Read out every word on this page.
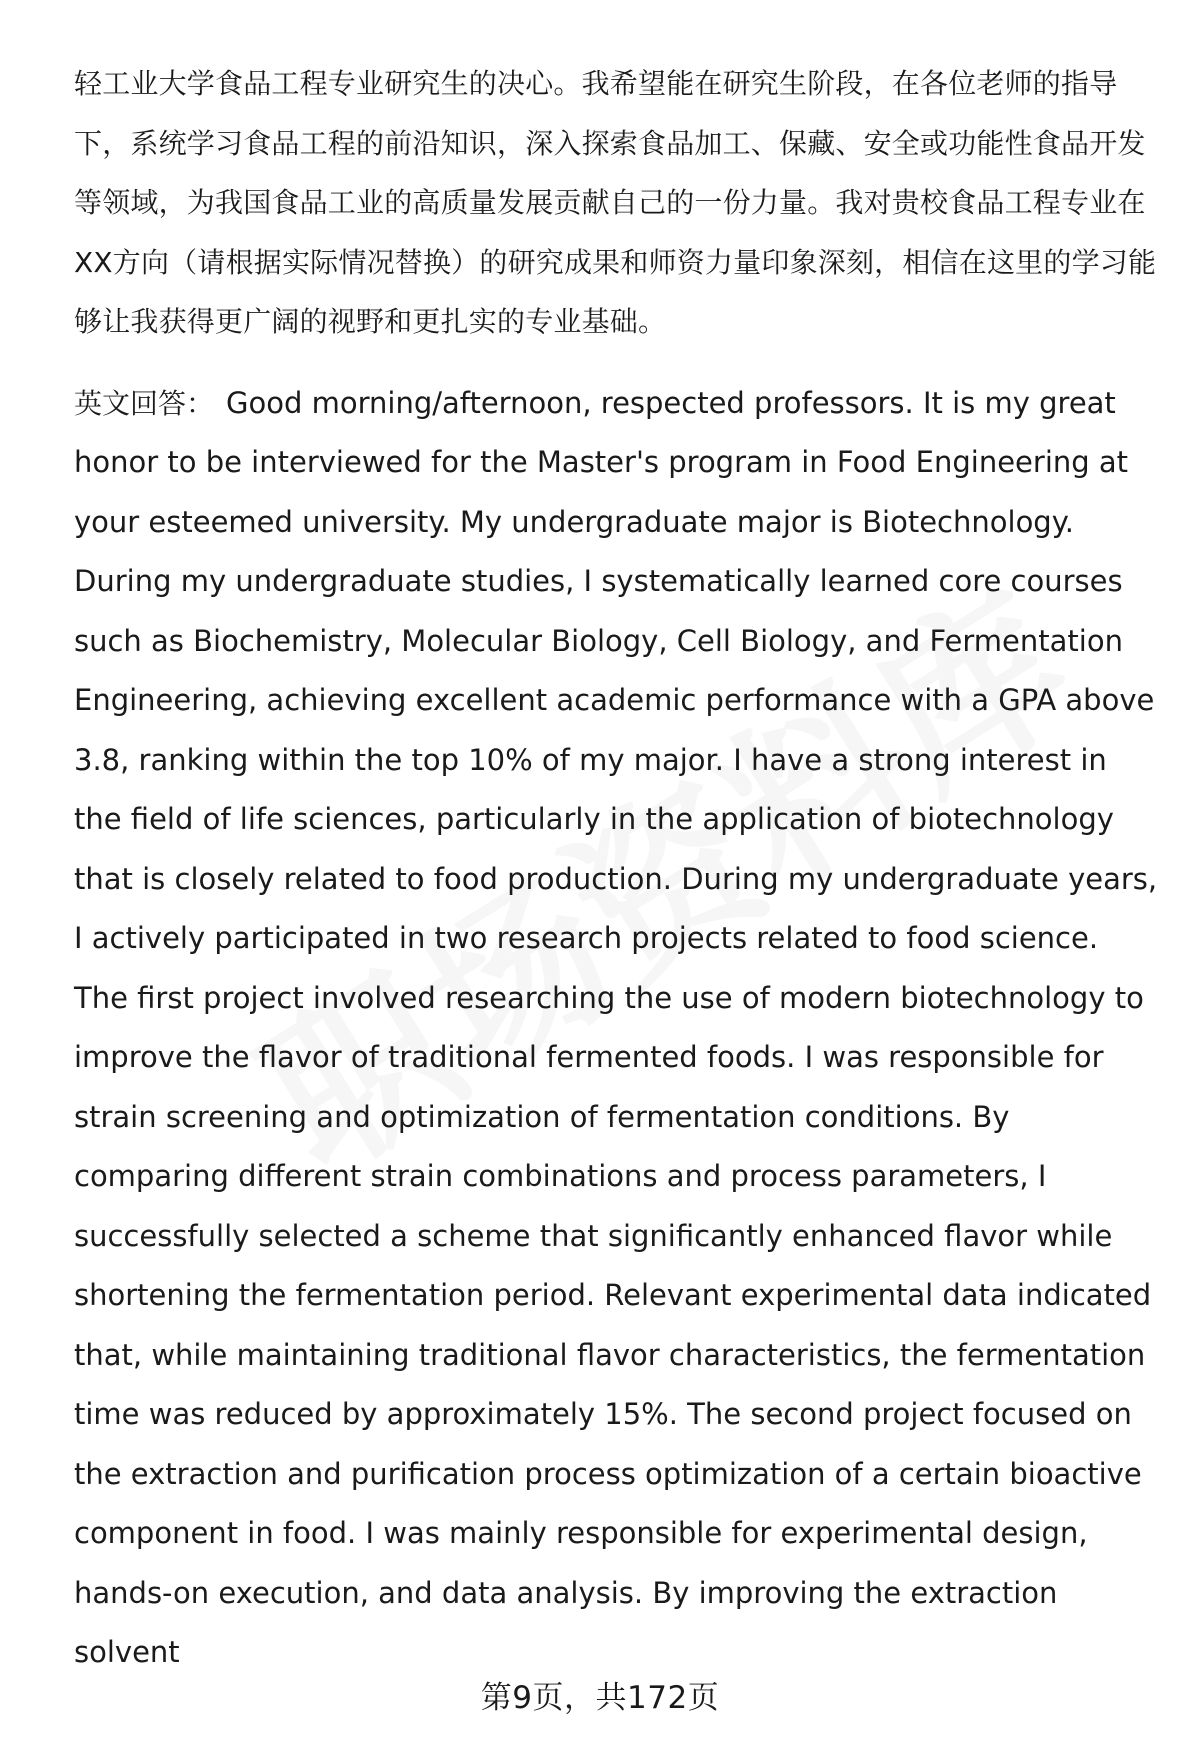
轻工业大学食品工程专业研究生的决心。我希望能在研究生阶段，在各位老师的指导下，系统学习食品工程的前沿知识，深入探索食品加工、保藏、安全或功能性食品开发等领域，为我国食品工业的高质量发展贡献自己的一份力量。我对贵校食品工程专业在XX方向（请根据实际情况替换）的研究成果和师资力量印象深刻，相信在这里的学习能够让我获得更广阔的视野和更扎实的专业基础。

英文回答： Good morning/afternoon, respected professors. It is my great honor to be interviewed for the Master's program in Food Engineering at your esteemed university. My undergraduate major is Biotechnology. During my undergraduate studies, I systematically learned core courses such as Biochemistry, Molecular Biology, Cell Biology, and Fermentation Engineering, achieving excellent academic performance with a GPA above 3.8, ranking within the top 10% of my major. I have a strong interest in the field of life sciences, particularly in the application of biotechnology that is closely related to food production. During my undergraduate years, I actively participated in two research projects related to food science. The first project involved researching the use of modern biotechnology to improve the flavor of traditional fermented foods. I was responsible for strain screening and optimization of fermentation conditions. By comparing different strain combinations and process parameters, I successfully selected a scheme that significantly enhanced flavor while shortening the fermentation period. Relevant experimental data indicated that, while maintaining traditional flavor characteristics, the fermentation time was reduced by approximately 15%. The second project focused on the extraction and purification process optimization of a certain bioactive component in food. I was mainly responsible for experimental design, hands-on execution, and data analysis. By improving the extraction solvent

第9页，共172页
